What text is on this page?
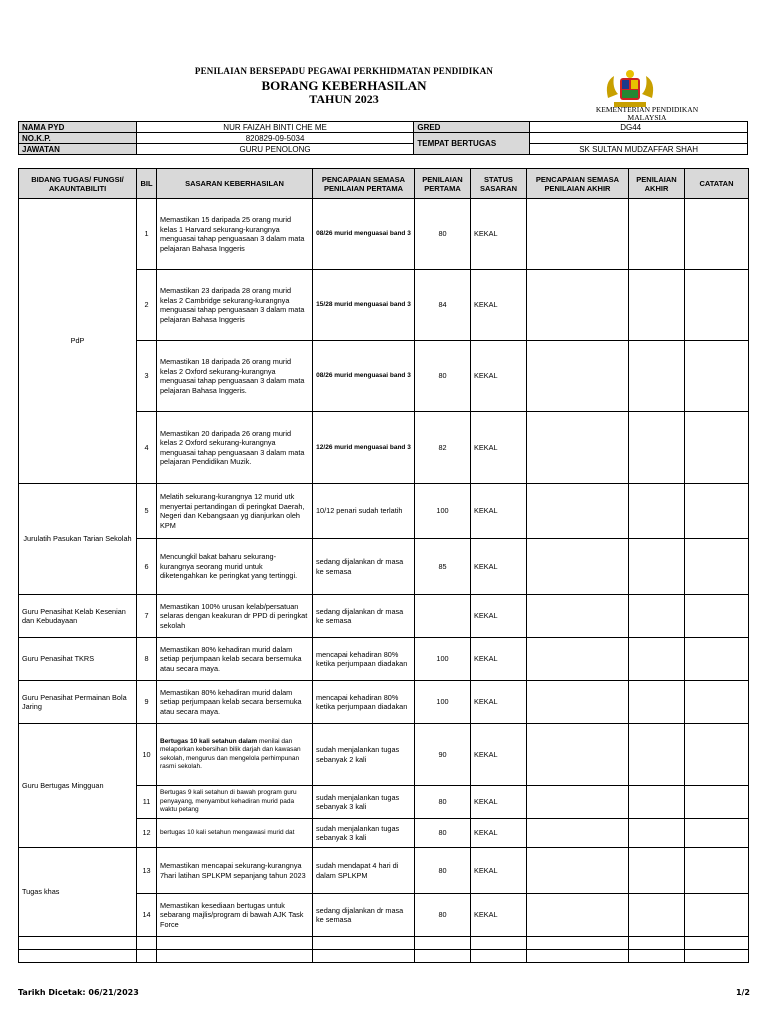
PENILAIAN BERSEPADU PEGAWAI PERKHIDMATAN PENDIDIKAN
BORANG KEBERHASILAN
TAHUN 2023
KEMENTERIAN PENDIDIKAN MALAYSIA
NAMA PYD	NUR FAIZAH BINTI CHE ME	GRED	DG44
NO.K.P.	820829-09-5034	TEMPAT BERTUGAS	
JAWATAN	GURU PENOLONG		SK SULTAN MUDZAFFAR SHAH
BIDANG TUGAS/ FUNGSI/ AKAUNTABILITI	BIL	SASARAN KEBERHASILAN	PENCAPAIAN SEMASA PENILAIAN PERTAMA	PENILAIAN PERTAMA	STATUS SASARAN	PENCAPAIAN SEMASA PENILAIAN AKHIR	PENILAIAN AKHIR	CATATAN
PdP	1	Memastikan 15 daripada 25 orang murid kelas 1 Harvard sekurang-kurangnya menguasai tahap penguasaan 3 dalam mata pelajaran Bahasa Inggeris	08/26 murid menguasai band 3	80	KEKAL			
	2	Memastikan 23 daripada 28 orang murid kelas 2 Cambridge sekurang-kurangnya menguasai tahap penguasaan 3 dalam mata pelajaran Bahasa Inggeris	15/28 murid menguasai band 3	84	KEKAL			
	3	Memastikan 18 daripada 26 orang murid kelas 2 Oxford sekurang-kurangnya menguasai tahap penguasaan 3 dalam mata pelajaran Bahasa Inggeris.	08/26 murid menguasai band 3	80	KEKAL			
	4	Memastikan 20 daripada 26 orang murid kelas 2 Oxford sekurang-kurangnya menguasai tahap penguasaan 3 dalam mata pelajaran Pendidikan Muzik.	12/26 murid menguasai band 3	82	KEKAL			
Jurulatih Pasukan Tarian Sekolah	5	Melatih sekurang-kurangnya 12 murid utk menyertai pertandingan di peringkat Daerah, Negeri dan Kebangsaan yg dianjurkan oleh KPM	10/12 penari sudah terlatih	100	KEKAL			
	6	Mencungkil bakat baharu sekurang-kurangnya seorang murid untuk diketengahkan ke peringkat yang tertinggi.	sedang dijalankan dr masa ke semasa	85	KEKAL			
Guru Penasihat Kelab Kesenian dan Kebudayaan	7	Memastikan 100% urusan kelab/persatuan selaras dengan keakuran dr PPD di peringkat sekolah	sedang dijalankan dr masa ke semasa		KEKAL			
Guru Penasihat TKRS	8	Memastikan 80% kehadiran murid dalam setiap perjumpaan kelab secara bersemuka atau secara maya.	mencapai kehadiran 80% ketika perjumpaan diadakan	100	KEKAL			
Guru Penasihat Permainan Bola Jaring	9	Memastikan 80% kehadiran murid dalam setiap perjumpaan kelab secara bersemuka atau secara maya.	mencapai kehadiran 80% ketika perjumpaan diadakan	100	KEKAL			
Guru Bertugas Mingguan	10	Bertugas 10 kali setahun dalam menilai dan melaporkan kebersihan bilik darjah dan kawasan sekolah, mengurus dan mengelola perhimpunan rasmi sekolah.	sudah menjalankan tugas sebanyak 2 kali	90	KEKAL			
	11	Bertugas 9 kali setahun di bawah program guru penyayang, menyambut kehadiran murid pada waktu petang	sudah menjalankan tugas sebanyak 3 kali	80	KEKAL			
	12	bertugas 10 kali setahun mengawasi murid dat	sudah menjalankan tugas sebanyak 3 kali	80	KEKAL			
Tugas khas	13	Memastikan mencapai sekurang-kurangnya 7hari latihan SPLKPM sepanjang tahun 2023	sudah mendapat 4 hari di dalam SPLKPM	80	KEKAL			
	14	Memastikan kesediaan bertugas untuk sebarang majlis/program di bawah AJK Task Force	sedang dijalankan dr masa ke semasa	80	KEKAL			

Tarikh Dicetak: 06/21/2023	1/2
